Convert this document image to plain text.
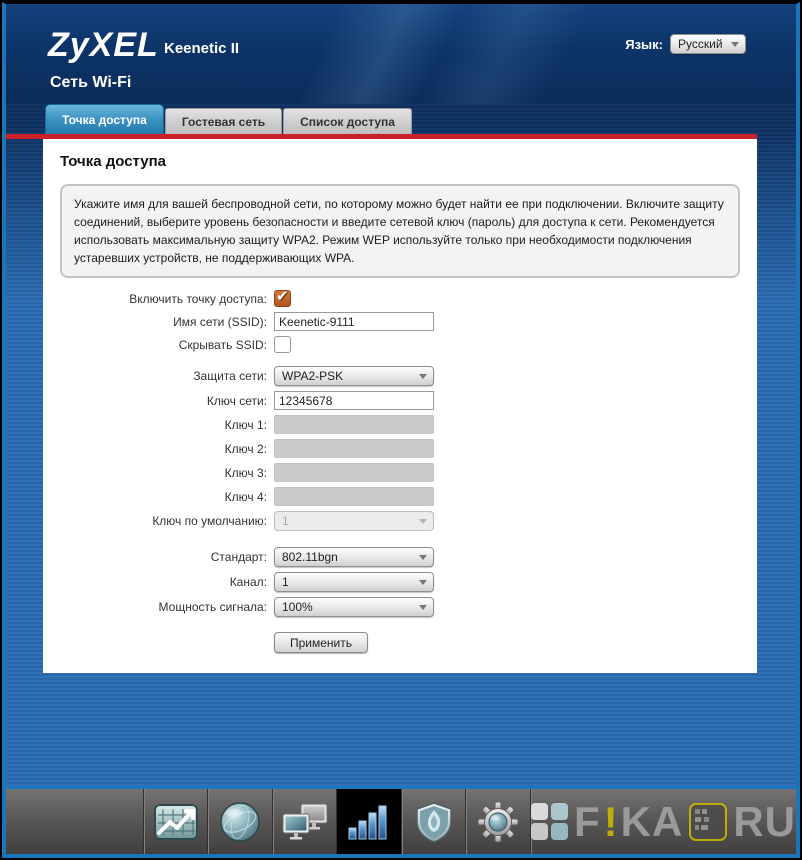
ZyXEL Keenetic II	Язык: Русский
Сеть Wi-Fi
Точка доступа	Гостевая сеть	Список доступа
Точка доступа
Укажите имя для вашей беспроводной сети, по которому можно будет найти ее при подключении. Включите защиту соединений, выберите уровень безопасности и введите сетевой ключ (пароль) для доступа к сети. Рекомендуется использовать максимальную защиту WPA2. Режим WEP используйте только при необходимости подключения устаревших устройств, не поддерживающих WPA.
Включить точку доступа:
✔
Имя сети (SSID):
Keenetic-9111
Скрывать SSID:
Защита сети:	WPA2-PSK
Ключ сети:
12345678
Ключ 1:
Ключ 2:
Ключ 3:
Ключ 4:
Ключ по умолчанию:	1
Стандарт:	802.11bgn
Канал:	1
Мощность сигнала:	100%
Применить
F ! KA RU
